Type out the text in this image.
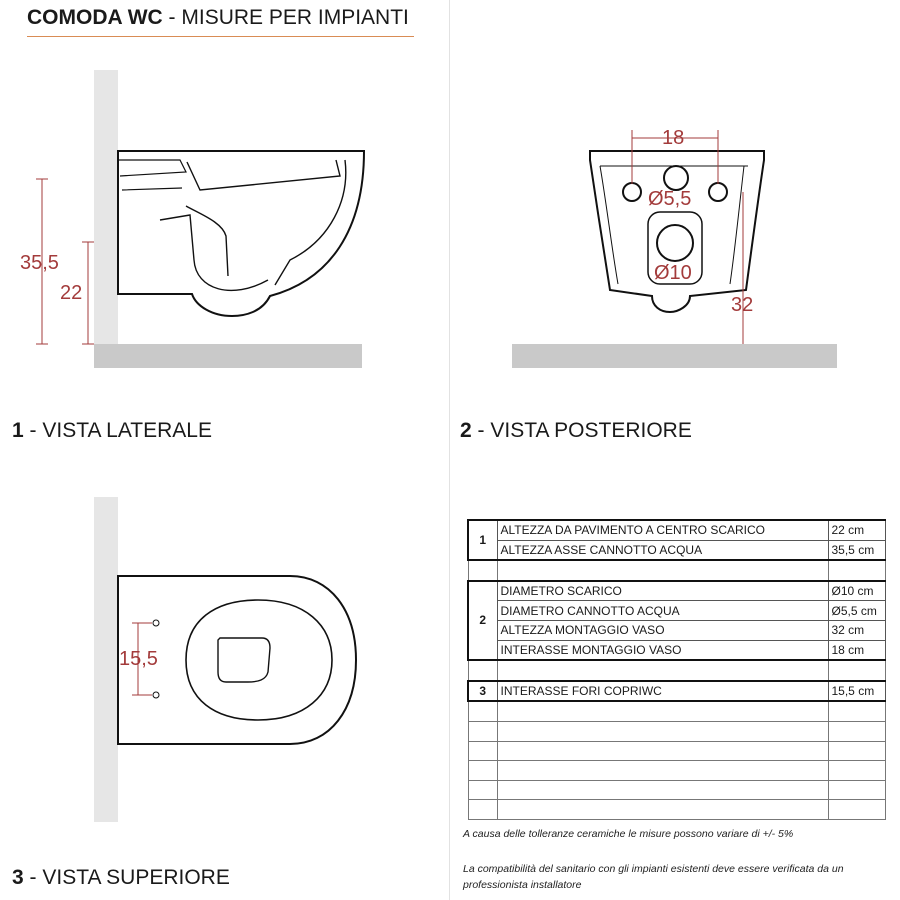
COMODA WC - MISURE PER IMPIANTI
35,5
22
1 - VISTA LATERALE
18
Ø5,5
Ø10
32
2 - VISTA POSTERIORE
15,5
3 - VISTA SUPERIORE
1	ALTEZZA DA PAVIMENTO A CENTRO SCARICO	22 cm
	ALTEZZA ASSE CANNOTTO ACQUA	35,5 cm

2	DIAMETRO SCARICO	Ø10 cm
	DIAMETRO CANNOTTO ACQUA	Ø5,5 cm
	ALTEZZA MONTAGGIO VASO	32 cm
	INTERASSE MONTAGGIO VASO	18 cm

3	INTERASSE FORI COPRIWC	15,5 cm

A causa delle tolleranze ceramiche le misure possono variare di +/- 5%
La compatibilità del sanitario con gli impianti esistenti deve essere verificata da un professionista installatore
